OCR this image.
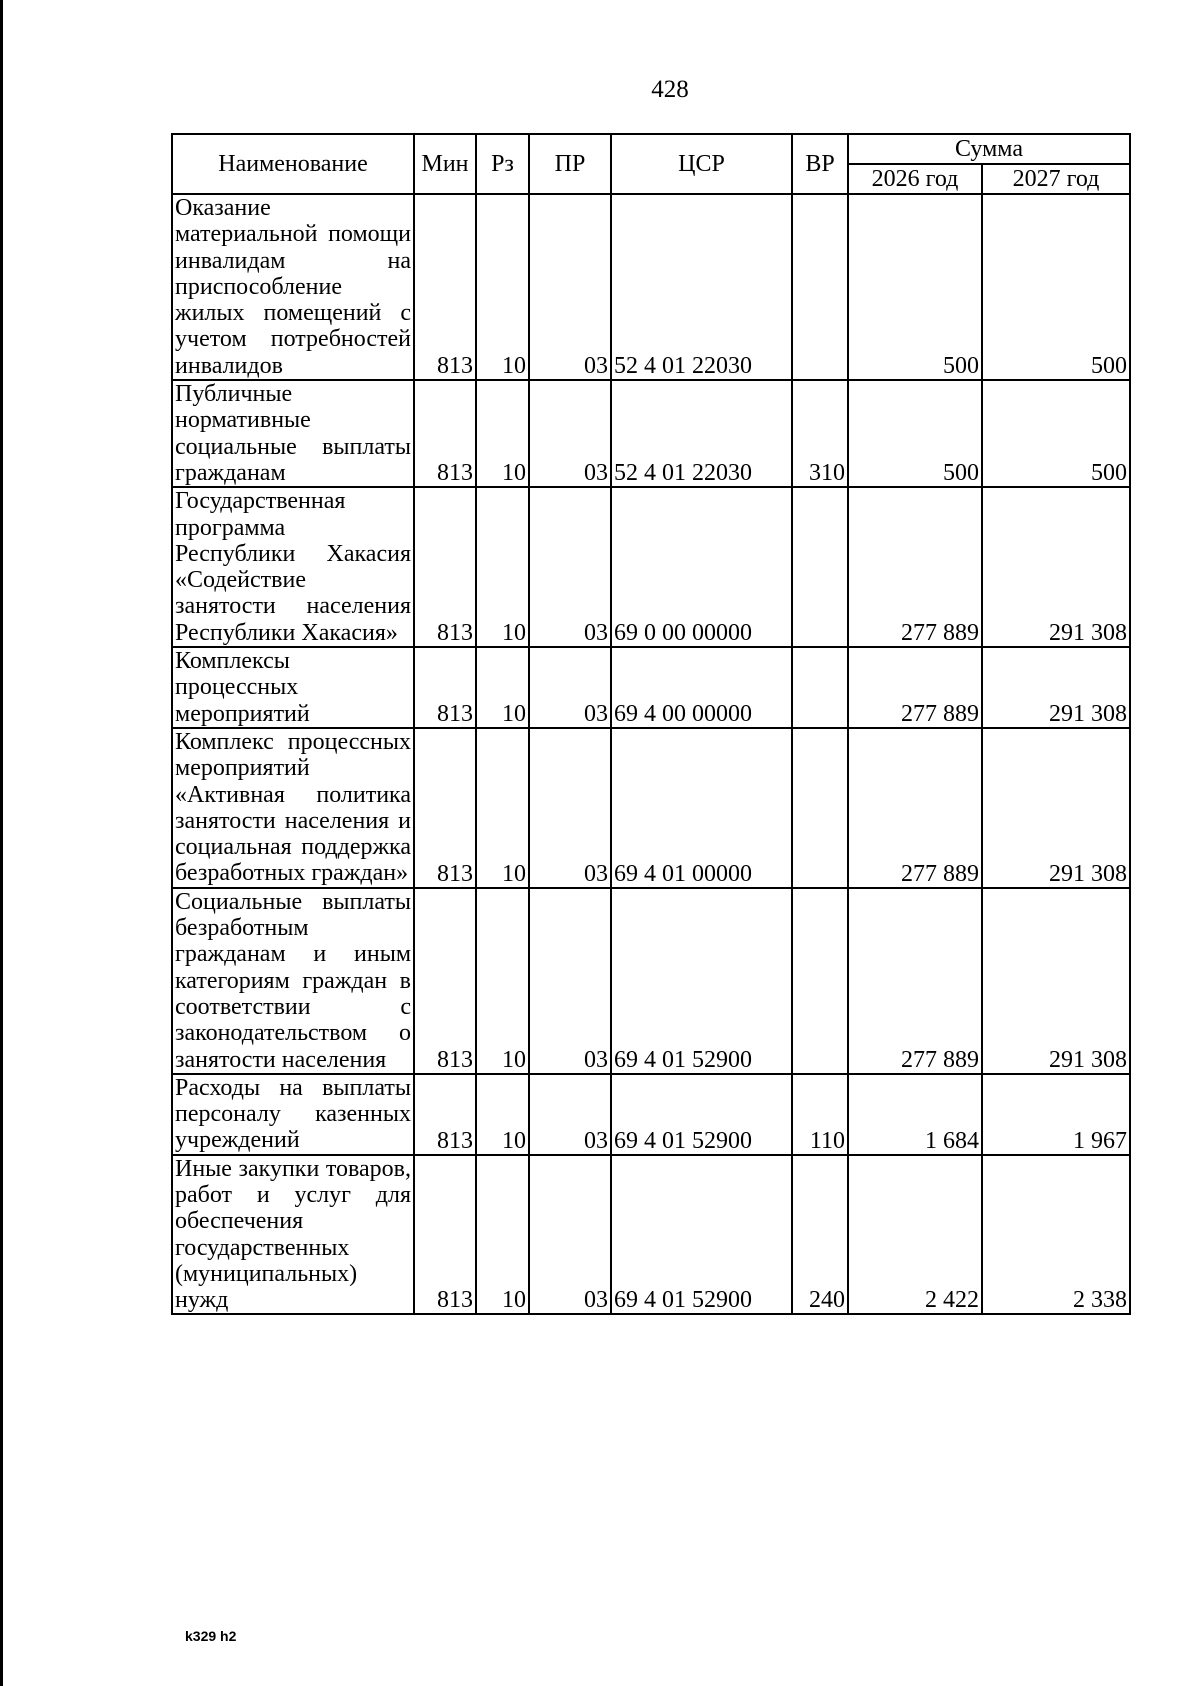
428
Наименование	Мин	Рз	ПР	ЦСР	ВР	Сумма	
						2026 год	2027 год
Оказание материальной помощи инвалидам на приспособление жилых помещений с учетом потребностей инвалидов	813	10	03	52 4 01 22030		500	500
Публичные нормативные социальные выплаты гражданам	813	10	03	52 4 01 22030	310	500	500
Государственная программа Республики Хакасия «Содействие занятости населения Республики Хакасия»	813	10	03	69 0 00 00000		277 889	291 308
Комплексы процессных мероприятий	813	10	03	69 4 00 00000		277 889	291 308
Комплекс процессных мероприятий «Активная политика занятости населения и социальная поддержка безработных граждан»	813	10	03	69 4 01 00000		277 889	291 308
Социальные выплаты безработным гражданам и иным категориям граждан в соответствии с законодательством о занятости населения	813	10	03	69 4 01 52900		277 889	291 308
Расходы на выплаты персоналу казенных учреждений	813	10	03	69 4 01 52900	110	1 684	1 967
Иные закупки товаров, работ и услуг для обеспечения государственных (муниципальных) нужд	813	10	03	69 4 01 52900	240	2 422	2 338
k329 h2
